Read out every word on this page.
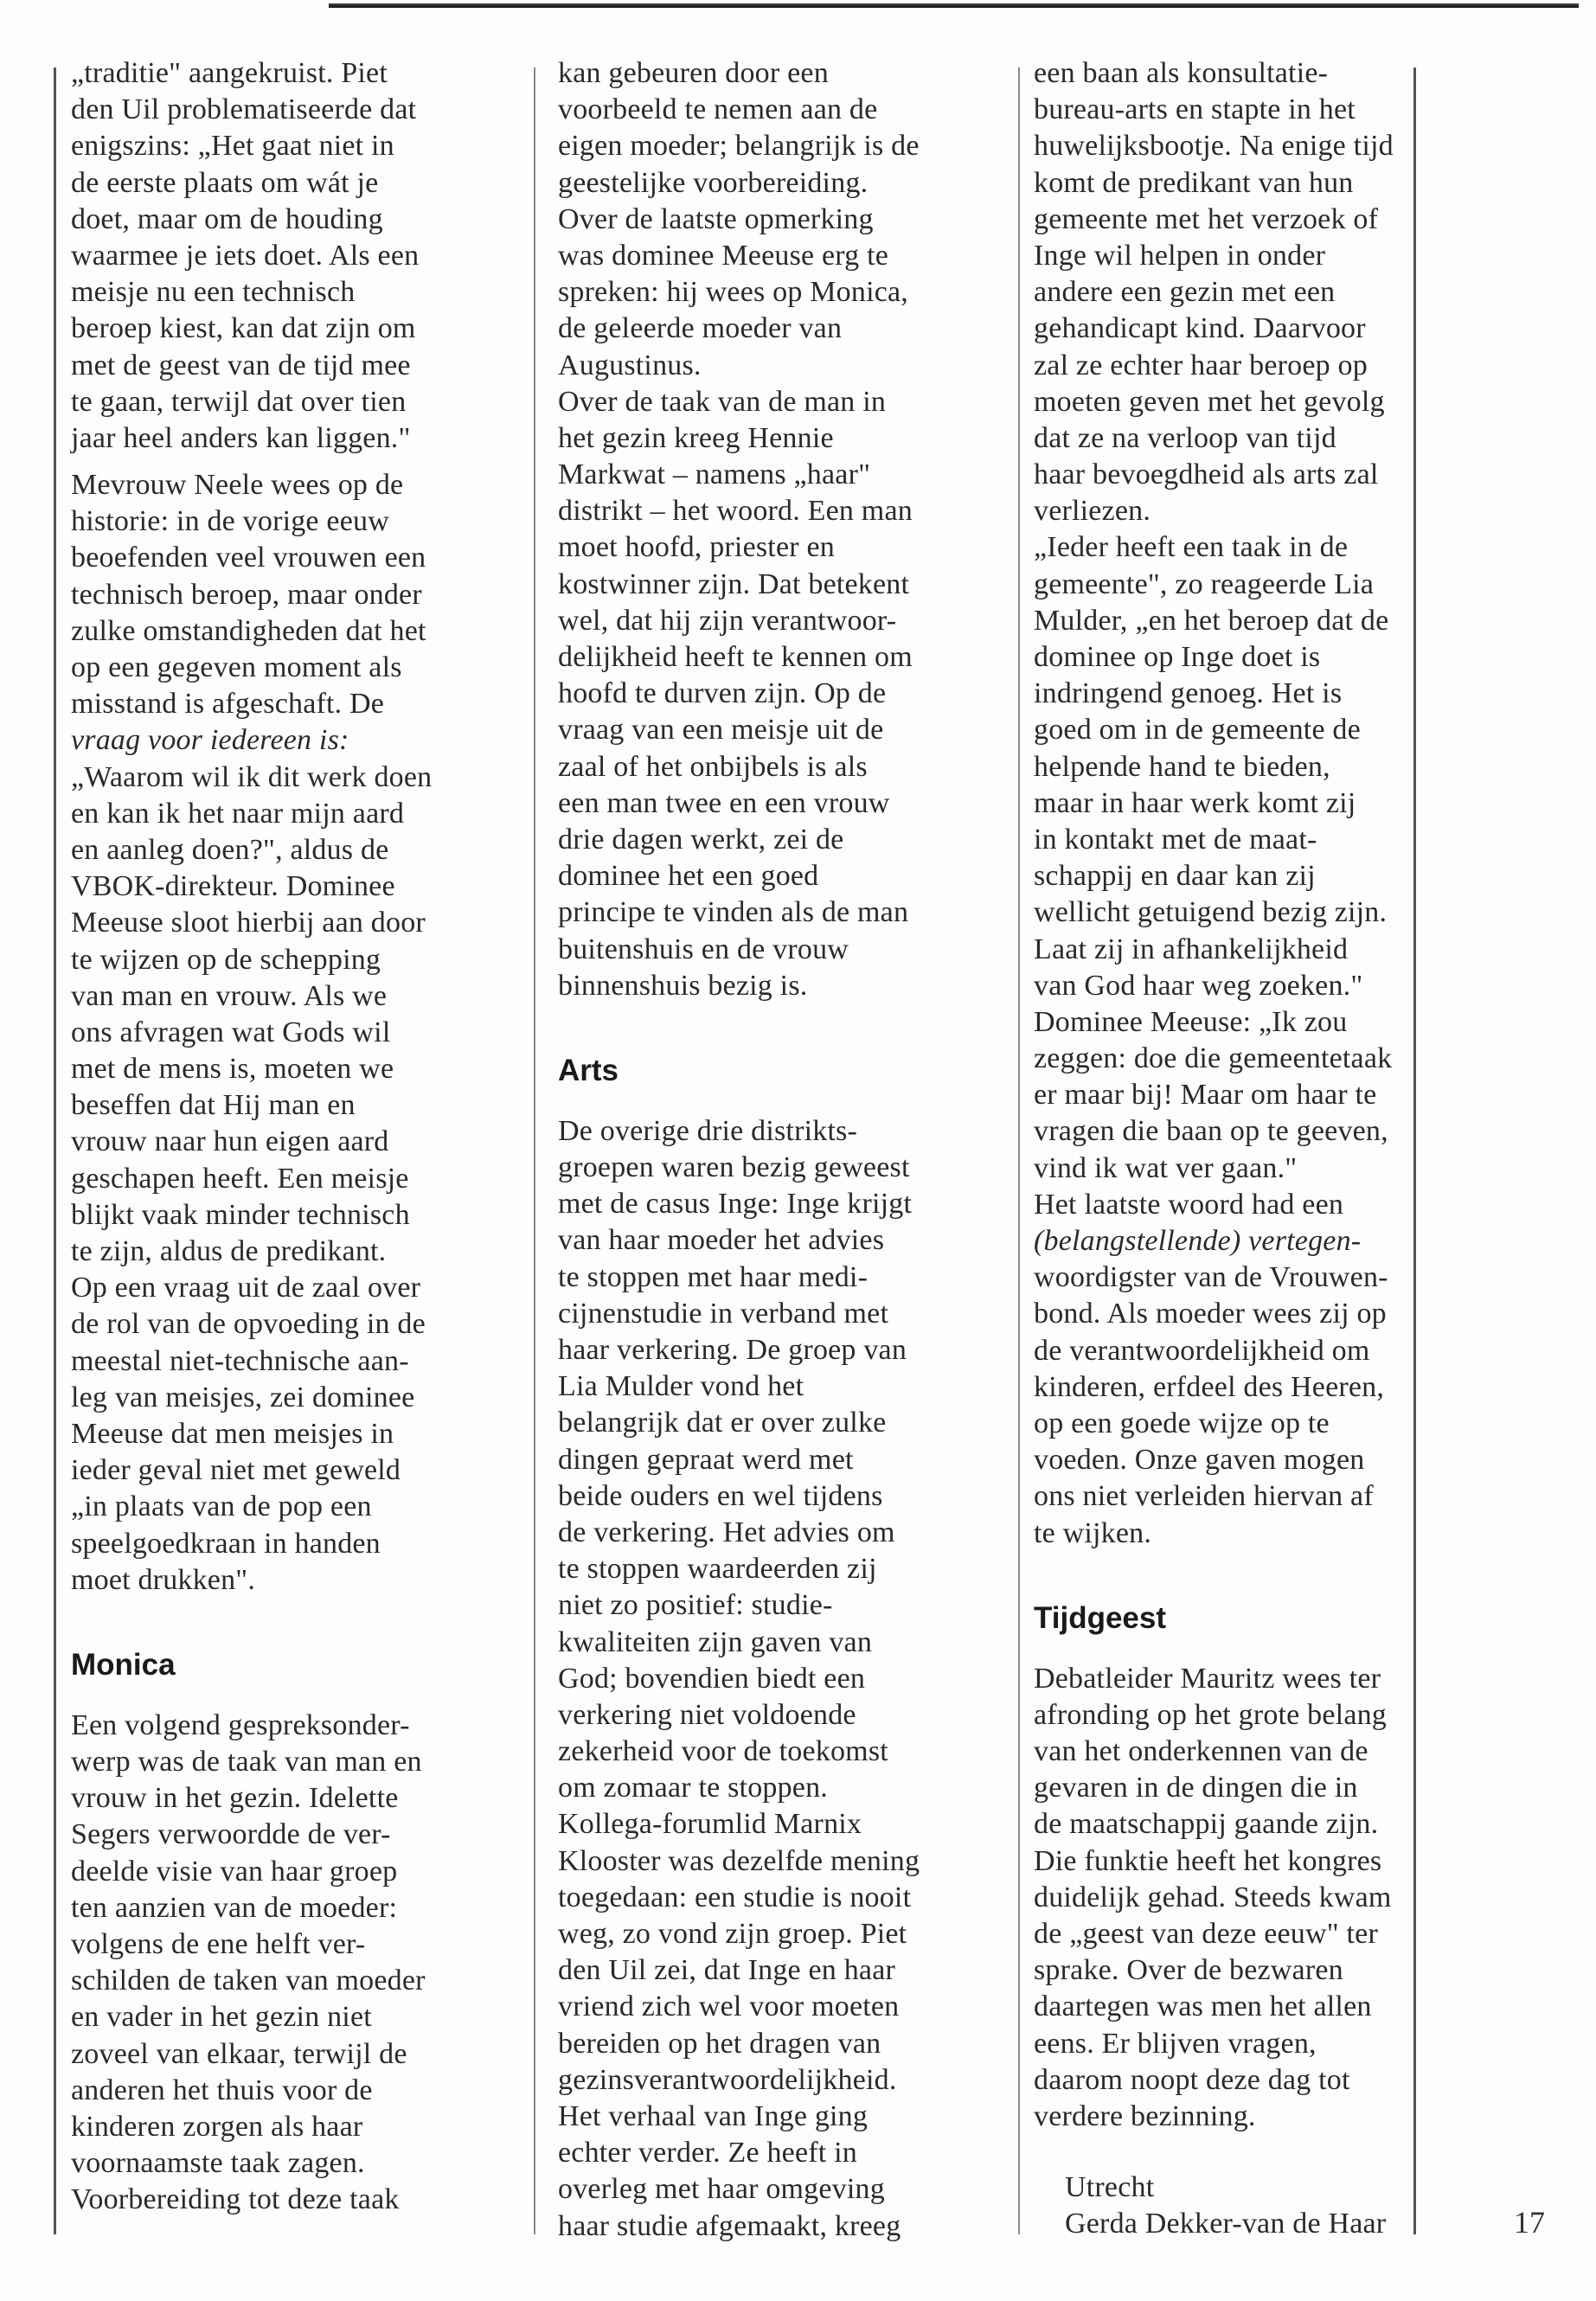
„traditie" aangekruist. Piet
den Uil problematiseerde dat
enigszins: „Het gaat niet in
de eerste plaats om wát je
doet, maar om de houding
waarmee je iets doet. Als een
meisje nu een technisch
beroep kiest, kan dat zijn om
met de geest van de tijd mee
te gaan, terwijl dat over tien
jaar heel anders kan liggen."
Mevrouw Neele wees op de
historie: in de vorige eeuw
beoefenden veel vrouwen een
technisch beroep, maar onder
zulke omstandigheden dat het
op een gegeven moment als
misstand is afgeschaft. De
vraag voor iedereen is:
„Waarom wil ik dit werk doen
en kan ik het naar mijn aard
en aanleg doen?", aldus de
VBOK-direkteur. Dominee
Meeuse sloot hierbij aan door
te wijzen op de schepping
van man en vrouw. Als we
ons afvragen wat Gods wil
met de mens is, moeten we
beseffen dat Hij man en
vrouw naar hun eigen aard
geschapen heeft. Een meisje
blijkt vaak minder technisch
te zijn, aldus de predikant.
Op een vraag uit de zaal over
de rol van de opvoeding in de
meestal niet-technische aan-
leg van meisjes, zei dominee
Meeuse dat men meisjes in
ieder geval niet met geweld
„in plaats van de pop een
speelgoedkraan in handen
moet drukken".
Monica
Een volgend gespreksonder-
werp was de taak van man en
vrouw in het gezin. Idelette
Segers verwoordde de ver-
deelde visie van haar groep
ten aanzien van de moeder:
volgens de ene helft ver-
schilden de taken van moeder
en vader in het gezin niet
zoveel van elkaar, terwijl de
anderen het thuis voor de
kinderen zorgen als haar
voornaamste taak zagen.
Voorbereiding tot deze taak
kan gebeuren door een
voorbeeld te nemen aan de
eigen moeder; belangrijk is de
geestelijke voorbereiding.
Over de laatste opmerking
was dominee Meeuse erg te
spreken: hij wees op Monica,
de geleerde moeder van
Augustinus.
Over de taak van de man in
het gezin kreeg Hennie
Markwat – namens „haar"
distrikt – het woord. Een man
moet hoofd, priester en
kostwinner zijn. Dat betekent
wel, dat hij zijn verantwoor-
delijkheid heeft te kennen om
hoofd te durven zijn. Op de
vraag van een meisje uit de
zaal of het onbijbels is als
een man twee en een vrouw
drie dagen werkt, zei de
dominee het een goed
principe te vinden als de man
buitenshuis en de vrouw
binnenshuis bezig is.
Arts
De overige drie distrikts-
groepen waren bezig geweest
met de casus Inge: Inge krijgt
van haar moeder het advies
te stoppen met haar medi-
cijnenstudie in verband met
haar verkering. De groep van
Lia Mulder vond het
belangrijk dat er over zulke
dingen gepraat werd met
beide ouders en wel tijdens
de verkering. Het advies om
te stoppen waardeerden zij
niet zo positief: studie-
kwaliteiten zijn gaven van
God; bovendien biedt een
verkering niet voldoende
zekerheid voor de toekomst
om zomaar te stoppen.
Kollega-forumlid Marnix
Klooster was dezelfde mening
toegedaan: een studie is nooit
weg, zo vond zijn groep. Piet
den Uil zei, dat Inge en haar
vriend zich wel voor moeten
bereiden op het dragen van
gezinsverantwoordelijkheid.
Het verhaal van Inge ging
echter verder. Ze heeft in
overleg met haar omgeving
haar studie afgemaakt, kreeg
een baan als konsultatie-
bureau-arts en stapte in het
huwelijksbootje. Na enige tijd
komt de predikant van hun
gemeente met het verzoek of
Inge wil helpen in onder
andere een gezin met een
gehandicapt kind. Daarvoor
zal ze echter haar beroep op
moeten geven met het gevolg
dat ze na verloop van tijd
haar bevoegdheid als arts zal
verliezen.
„Ieder heeft een taak in de
gemeente", zo reageerde Lia
Mulder, „en het beroep dat de
dominee op Inge doet is
indringend genoeg. Het is
goed om in de gemeente de
helpende hand te bieden,
maar in haar werk komt zij
in kontakt met de maat-
schappij en daar kan zij
wellicht getuigend bezig zijn.
Laat zij in afhankelijkheid
van God haar weg zoeken."
Dominee Meeuse: „Ik zou
zeggen: doe die gemeentetaak
er maar bij! Maar om haar te
vragen die baan op te geeven,
vind ik wat ver gaan."
Het laatste woord had een
(belangstellende) vertegen-
woordigster van de Vrouwen-
bond. Als moeder wees zij op
de verantwoordelijkheid om
kinderen, erfdeel des Heeren,
op een goede wijze op te
voeden. Onze gaven mogen
ons niet verleiden hiervan af
te wijken.
Tijdgeest
Debatleider Mauritz wees ter
afronding op het grote belang
van het onderkennen van de
gevaren in de dingen die in
de maatschappij gaande zijn.
Die funktie heeft het kongres
duidelijk gehad. Steeds kwam
de „geest van deze eeuw" ter
sprake. Over de bezwaren
daartegen was men het allen
eens. Er blijven vragen,
daarom noopt deze dag tot
verdere bezinning.
Utrecht
Gerda Dekker-van de Haar	17
